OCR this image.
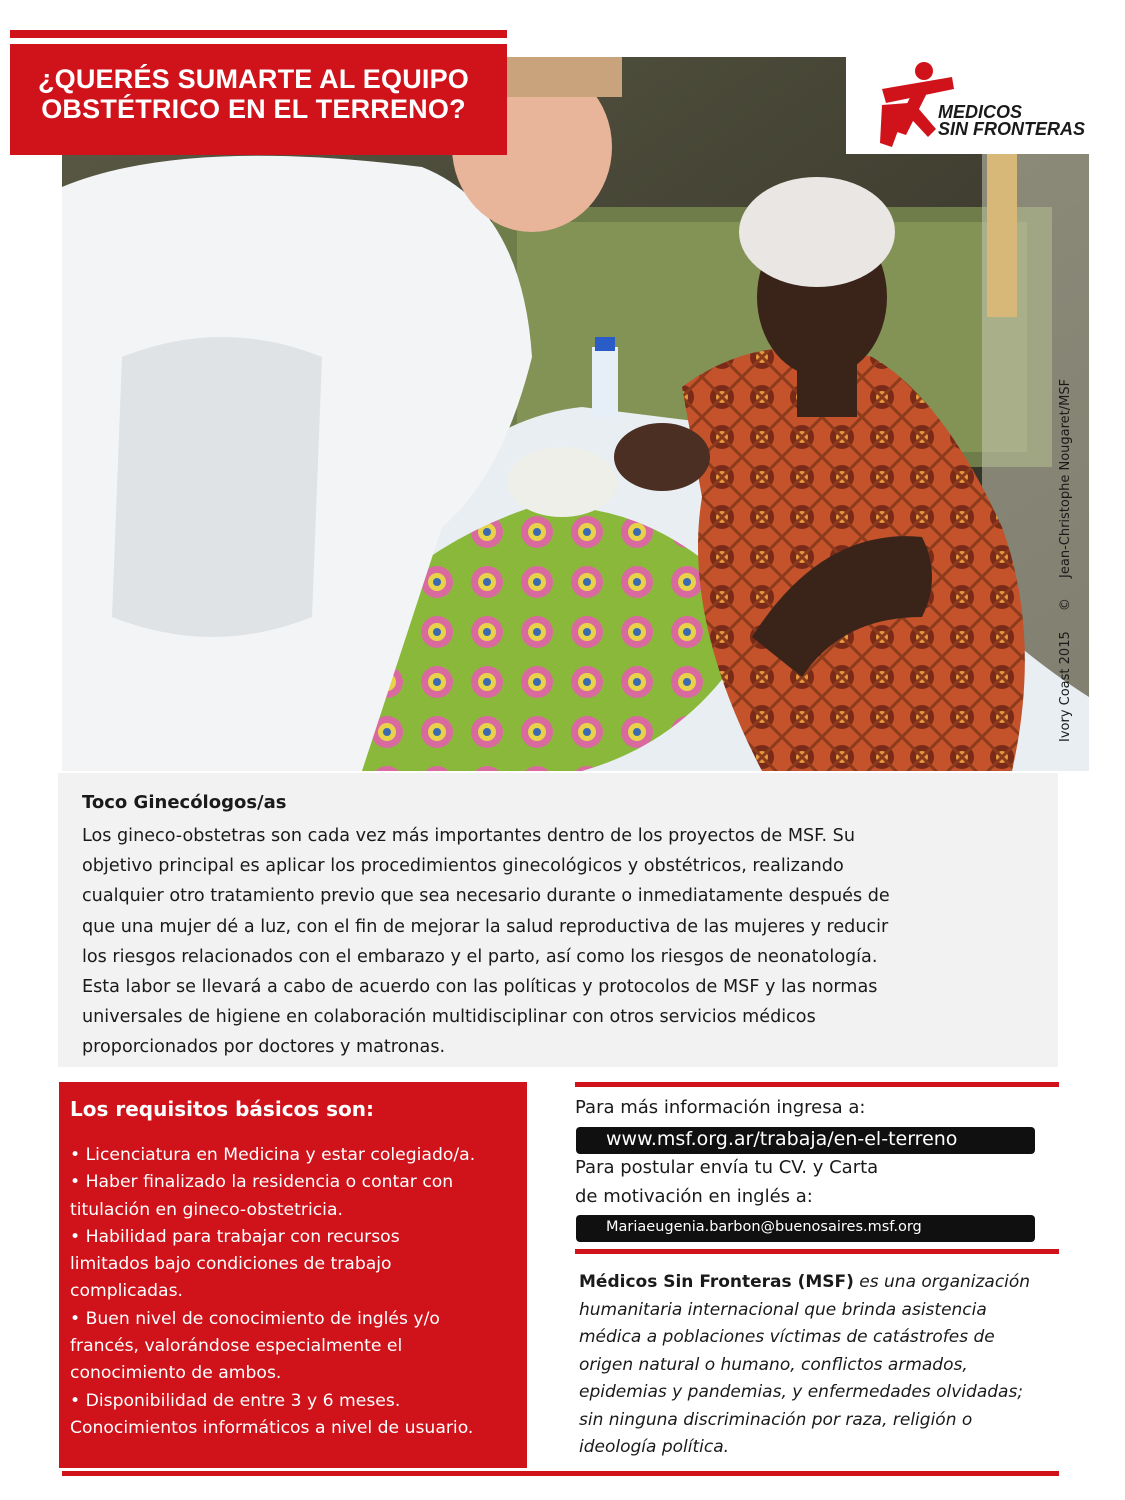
¿QUERÉS SUMARTE AL EQUIPO
OBSTÉTRICO EN EL TERRENO?	MEDICOS
SIN FRONTERAS
Ivory Coast 2015 © Jean-Christophe Nougaret/MSF
Toco Ginecólogos/as

Los gineco-obstetras son cada vez más importantes dentro de los proyectos de MSF. Su
objetivo principal es aplicar los procedimientos ginecológicos y obstétricos, realizando
cualquier otro tratamiento previo que sea necesario durante o inmediatamente después de
que una mujer dé a luz, con el fin de mejorar la salud reproductiva de las mujeres y reducir
los riesgos relacionados con el embarazo y el parto, así como los riesgos de neonatología.
Esta labor se llevará a cabo de acuerdo con las políticas y protocolos de MSF y las normas
universales de higiene en colaboración multidisciplinar con otros servicios médicos
proporcionados por doctores y matronas.

Los requisitos básicos son:
• Licenciatura en Medicina y estar colegiado/a.
• Haber finalizado la residencia o contar con
titulación en gineco-obstetricia.
• Habilidad para trabajar con recursos
limitados bajo condiciones de trabajo
complicadas.
• Buen nivel de conocimiento de inglés y/o
francés, valorándose especialmente el
conocimiento de ambos.
• Disponibilidad de entre 3 y 6 meses.
Conocimientos informáticos a nivel de usuario.
Para más información ingresa a:
www.msf.org.ar/trabaja/en-el-terreno
Para postular envía tu CV. y Carta
de motivación en inglés a:
Mariaeugenia.barbon@buenosaires.msf.org
Médicos Sin Fronteras (MSF) es una organización
humanitaria internacional que brinda asistencia
médica a poblaciones víctimas de catástrofes de
origen natural o humano, conflictos armados,
epidemias y pandemias, y enfermedades olvidadas;
sin ninguna discriminación por raza, religión o
ideología política.
